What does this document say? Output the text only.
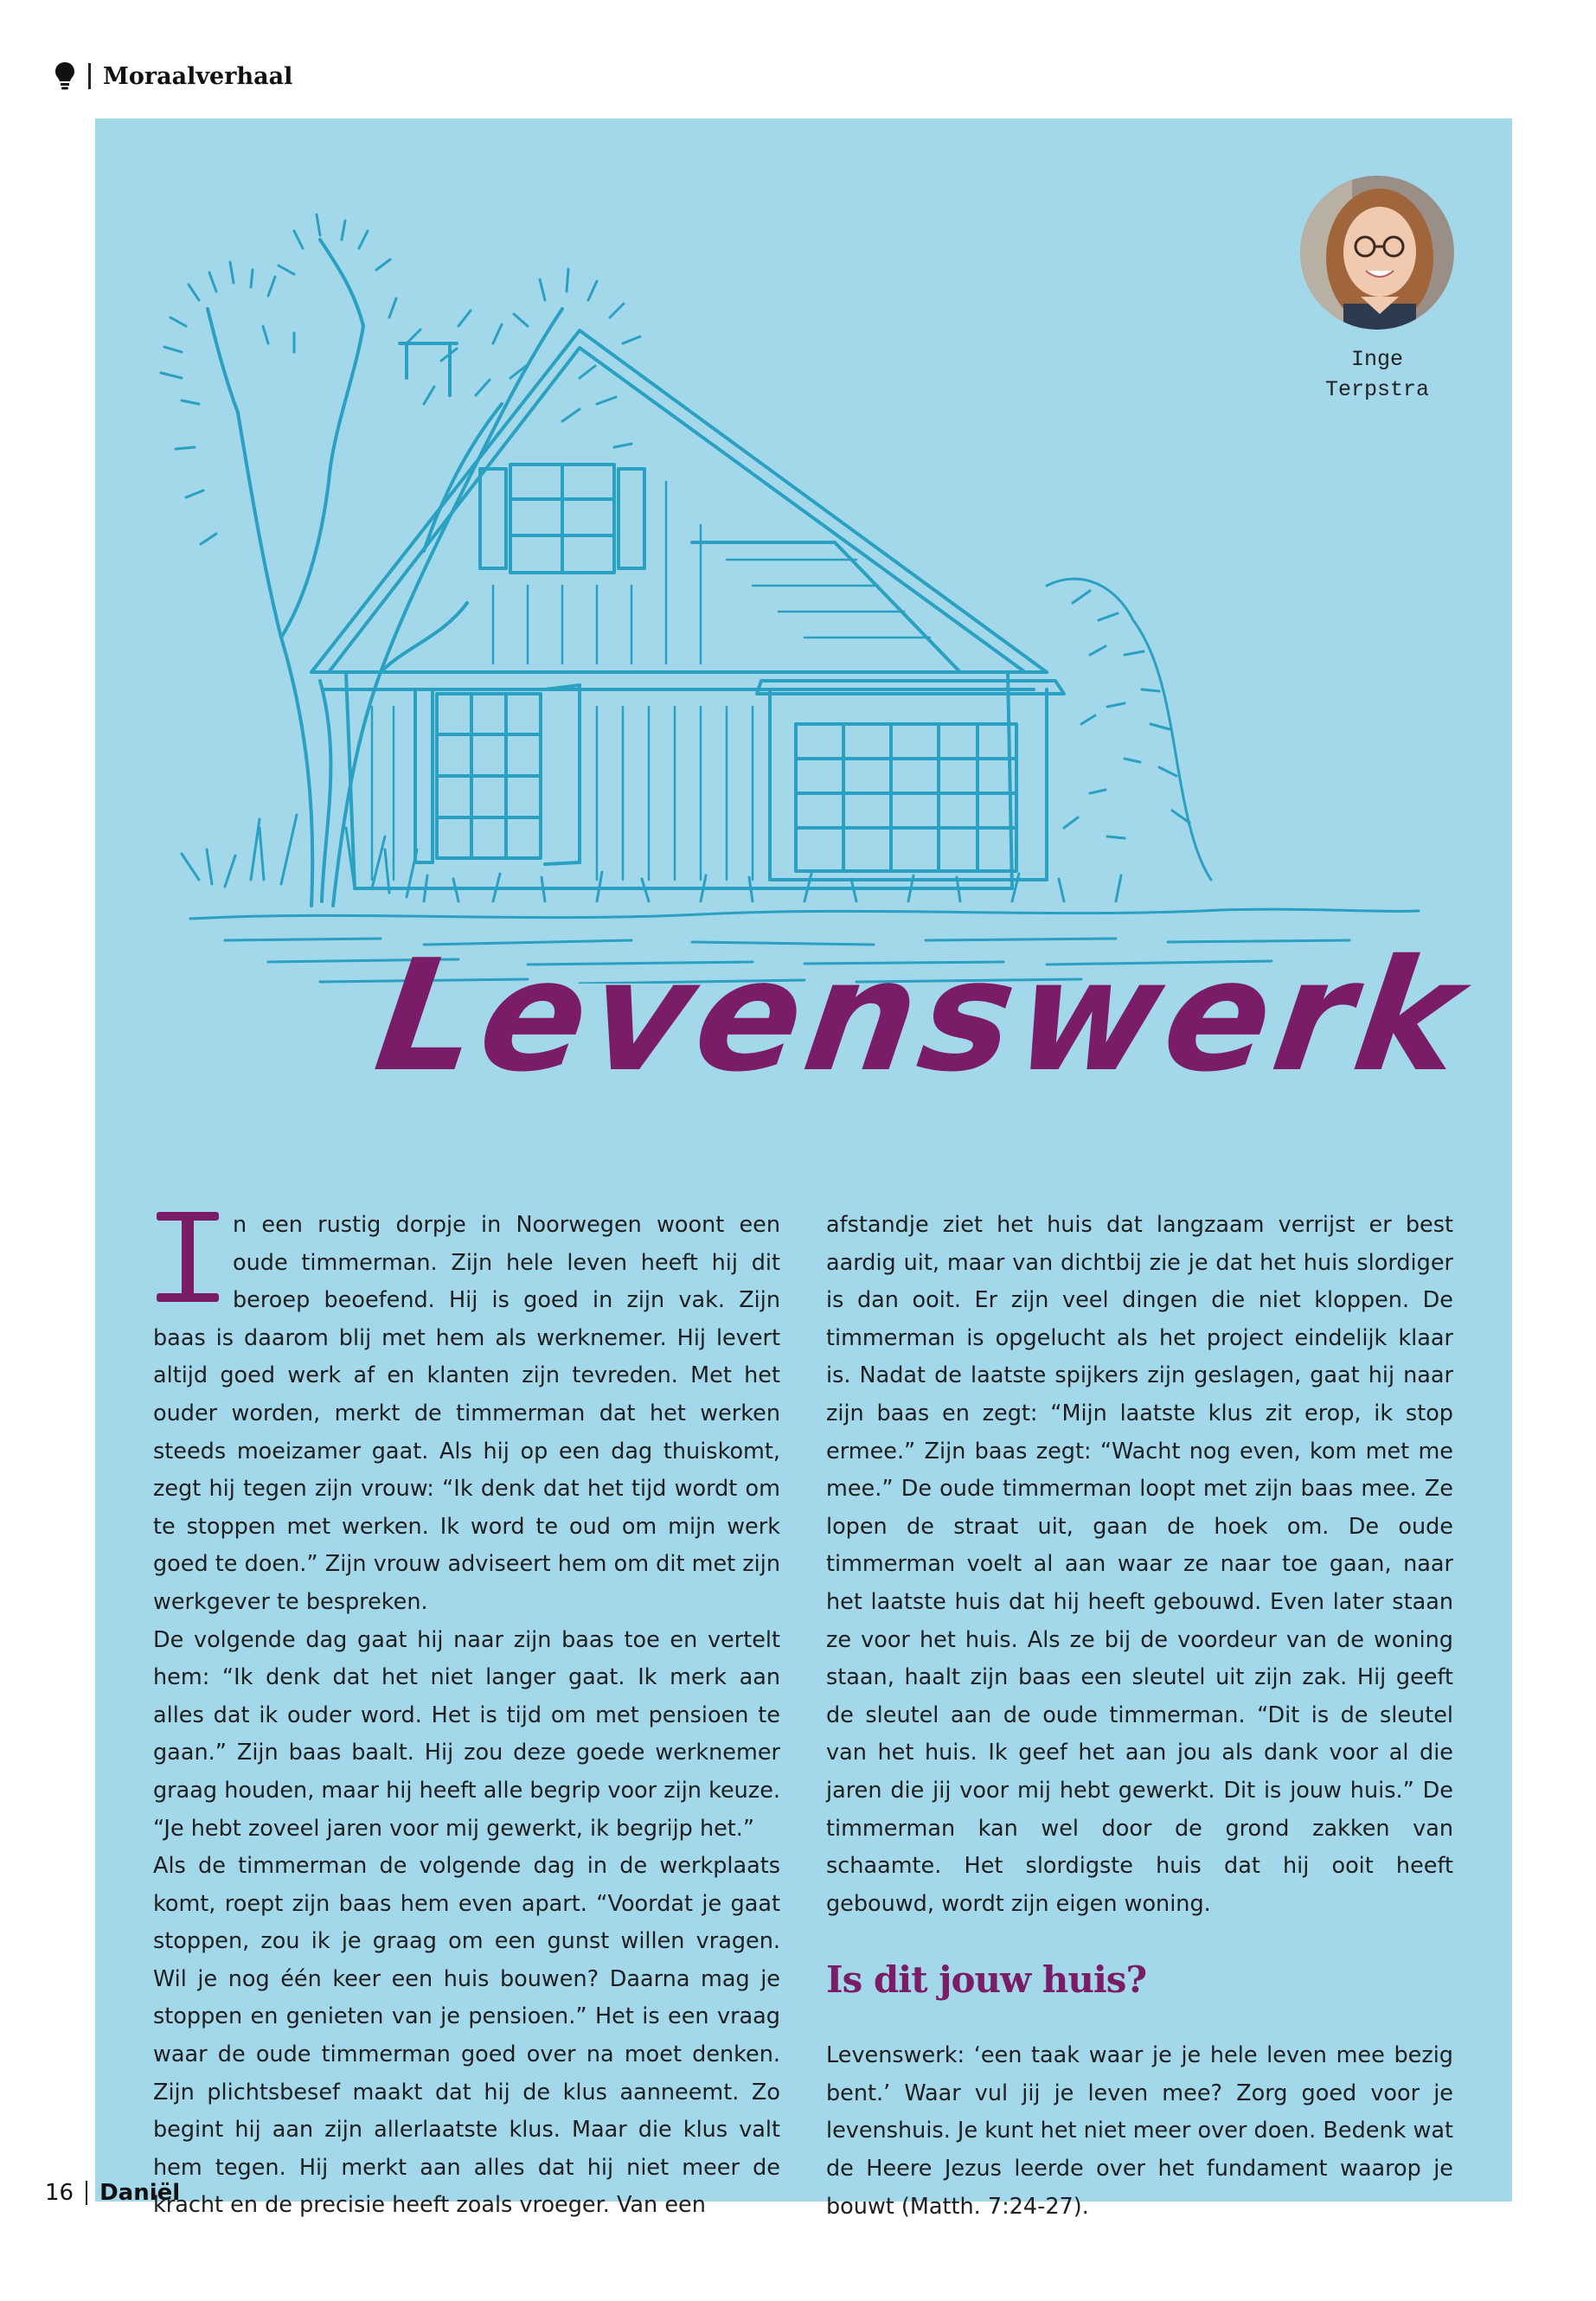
Moraalverhaal
Inge
Terpstra
Levenswerk

n een rustig dorpje in Noorwegen woont een oude timmerman. Zijn hele leven heeft hij dit beroep beoefend. Hij is goed in zijn vak. Zijn baas is daarom blij met hem als werknemer. Hij levert altijd goed werk af en klanten zijn tevreden. Met het ouder worden, merkt de timmerman dat het werken steeds moeizamer gaat. Als hij op een dag thuiskomt, zegt hij tegen zijn vrouw: “Ik denk dat het tijd wordt om te stoppen met werken. Ik word te oud om mijn werk goed te doen.” Zijn vrouw adviseert hem om dit met zijn werkgever te bespreken.

De volgende dag gaat hij naar zijn baas toe en vertelt hem: “Ik denk dat het niet langer gaat. Ik merk aan alles dat ik ouder word. Het is tijd om met pensioen te gaan.” Zijn baas baalt. Hij zou deze goede werknemer graag houden, maar hij heeft alle begrip voor zijn keuze. “Je hebt zoveel jaren voor mij gewerkt, ik begrijp het.”

Als de timmerman de volgende dag in de werkplaats komt, roept zijn baas hem even apart. “Voordat je gaat stoppen, zou ik je graag om een gunst willen vragen. Wil je nog één keer een huis bouwen? Daarna mag je stoppen en genieten van je pensioen.” Het is een vraag waar de oude timmerman goed over na moet denken. Zijn plichtsbesef maakt dat hij de klus aanneemt. Zo begint hij aan zijn allerlaatste klus. Maar die klus valt hem tegen. Hij merkt aan alles dat hij niet meer de kracht en de precisie heeft zoals vroeger. Van een

afstandje ziet het huis dat langzaam verrijst er best aardig uit, maar van dichtbij zie je dat het huis slordiger is dan ooit. Er zijn veel dingen die niet kloppen. De timmerman is opgelucht als het project eindelijk klaar is. Nadat de laatste spijkers zijn geslagen, gaat hij naar zijn baas en zegt: “Mijn laatste klus zit erop, ik stop ermee.” Zijn baas zegt: “Wacht nog even, kom met me mee.” De oude timmerman loopt met zijn baas mee. Ze lopen de straat uit, gaan de hoek om. De oude timmerman voelt al aan waar ze naar toe gaan, naar het laatste huis dat hij heeft gebouwd. Even later staan ze voor het huis. Als ze bij de voordeur van de woning staan, haalt zijn baas een sleutel uit zijn zak. Hij geeft de sleutel aan de oude timmerman. “Dit is de sleutel van het huis. Ik geef het aan jou als dank voor al die jaren die jij voor mij hebt gewerkt. Dit is jouw huis.” De timmerman kan wel door de grond zakken van schaamte. Het slordigste huis dat hij ooit heeft gebouwd, wordt zijn eigen woning.

Is dit jouw huis?

Levenswerk: ‘een taak waar je je hele leven mee bezig bent.’ Waar vul jij je leven mee? Zorg goed voor je levenshuis. Je kunt het niet meer over doen. Bedenk wat de Heere Jezus leerde over het fundament waarop je bouwt (Matth. 7:24-27).

16 Daniël
